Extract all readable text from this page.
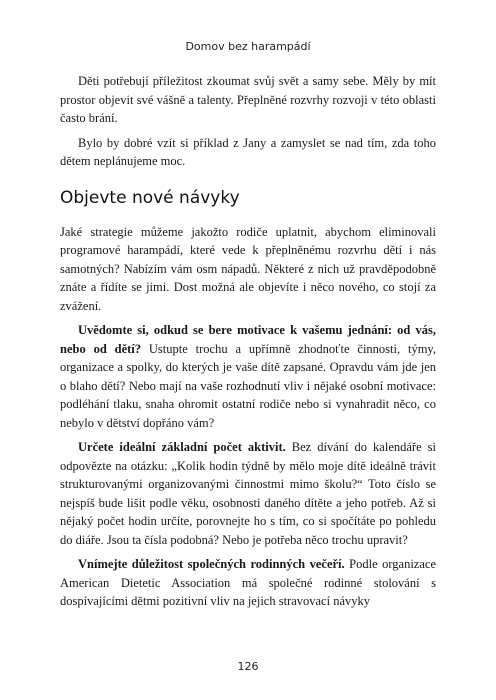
Domov bez harampádí

Děti potřebují příležitost zkoumat svůj svět a samy sebe. Měly by mít prostor objevit své vášně a talenty. Přeplněné rozvrhy rozvoji v této oblasti často brání.

Bylo by dobré vzít si příklad z Jany a zamyslet se nad tím, zda toho dětem neplánujeme moc.

Objevte nové návyky

Jaké strategie můžeme jakožto rodiče uplatnit, abychom eliminovali programové harampádí, které vede k přeplněnému rozvrhu dětí i nás samotných? Nabízím vám osm nápadů. Některé z nich už pravděpodobně znáte a řídíte se jimi. Dost možná ale objevíte i něco nového, co stojí za zvážení.

Uvědomte si, odkud se bere motivace k vašemu jednání: od vás, nebo od dětí? Ustupte trochu a upřímně zhodnoťte činnosti, týmy, organizace a spolky, do kterých je vaše dítě zapsané. Opravdu vám jde jen o blaho dětí? Nebo mají na vaše rozhodnutí vliv i nějaké osobní motivace: podléhání tlaku, snaha ohromit ostatní rodiče nebo si vynahradit něco, co nebylo v dětství dopřáno vám?

Určete ideální základní počet aktivit. Bez dívání do kalendáře si odpovězte na otázku: „Kolik hodin týdně by mělo moje dítě ideálně trávit strukturovanými organizovanými činnostmi mimo školu?“ Toto číslo se nejspíš bude lišit podle věku, osobnosti daného dítěte a jeho potřeb. Až si nějaký počet hodin určíte, porovnejte ho s tím, co si spočítáte po pohledu do diáře. Jsou ta čísla podobná? Nebo je potřeba něco trochu upravit?

Vnímejte důležitost společných rodinných večeří. Podle organizace American Dietetic Association má společné rodinné stolování s dospívajícími dětmi pozitivní vliv na jejich stravovací návyky

126
